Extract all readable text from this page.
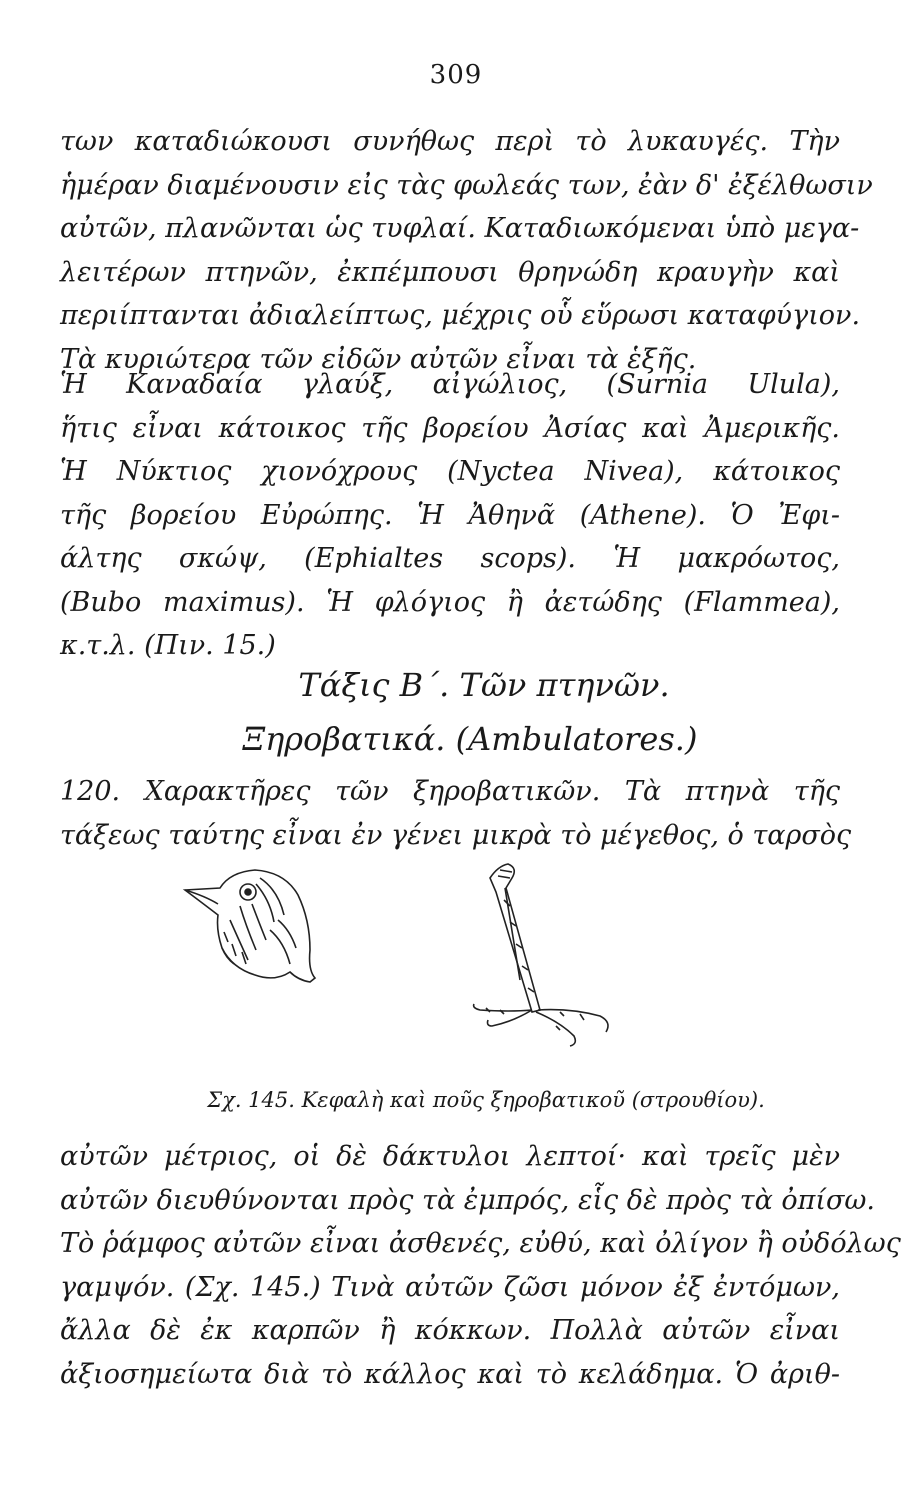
309
των καταδιώκουσι συνήθως περὶ τὸ λυκαυγές. Τὴν
ἡμέραν διαμένουσιν εἰς τὰς φωλεάς των, ἐὰν δ' ἐξέλθωσιν
αὐτῶν, πλανῶνται ὡς τυφλαί. Καταδιωκόμεναι ὑπὸ μεγα-
λειτέρων πτηνῶν, ἐκπέμπουσι θρηνώδη κραυγὴν καὶ
περιίπτανται ἀδιαλείπτως, μέχρις οὗ εὕρωσι καταφύγιον.
Τὰ κυριώτερα τῶν εἰδῶν αὐτῶν εἶναι τὰ ἑξῆς.
Ἡ Καναδαία γλαύξ, αἰγώλιος, (Surnia Ulula),
ἥτις εἶναι κάτοικος τῆς βορείου Ἀσίας καὶ Ἀμερικῆς.
Ἡ Νύκτιος χιονόχρους (Nyctea Nivea), κάτοικος
τῆς βορείου Εὐρώπης. Ἡ Ἀθηνᾶ (Athene). Ὁ Ἐφι-
άλτης σκώψ, (Ephialtes scops). Ἡ μακρόωτος,
(Bubo maximus). Ἡ φλόγιος ἢ ἀετώδης (Flammea),
κ.τ.λ. (Πιν. 15.)
Τάξις Β΄. Τῶν πτηνῶν.
Ξηροβατικά. (Ambulatores.)
120. Χαρακτῆρες τῶν ξηροβατικῶν. Τὰ πτηνὰ τῆς
τάξεως ταύτης εἶναι ἐν γένει μικρὰ τὸ μέγεθος, ὁ ταρσὸς
Σχ. 145. Κεφαλὴ καὶ ποῦς ξηροβατικοῦ (στρουθίου).
αὐτῶν μέτριος, οἱ δὲ δάκτυλοι λεπτοί· καὶ τρεῖς μὲν
αὐτῶν διευθύνονται πρὸς τὰ ἐμπρός, εἷς δὲ πρὸς τὰ ὀπίσω.
Τὸ ῥάμφος αὐτῶν εἶναι ἀσθενές, εὐθύ, καὶ ὀλίγον ἢ οὐδόλως
γαμψόν. (Σχ. 145.) Τινὰ αὐτῶν ζῶσι μόνον ἐξ ἐντόμων,
ἄλλα δὲ ἐκ καρπῶν ἢ κόκκων. Πολλὰ αὐτῶν εἶναι
ἀξιοσημείωτα διὰ τὸ κάλλος καὶ τὸ κελάδημα. Ὁ ἀριθ-
